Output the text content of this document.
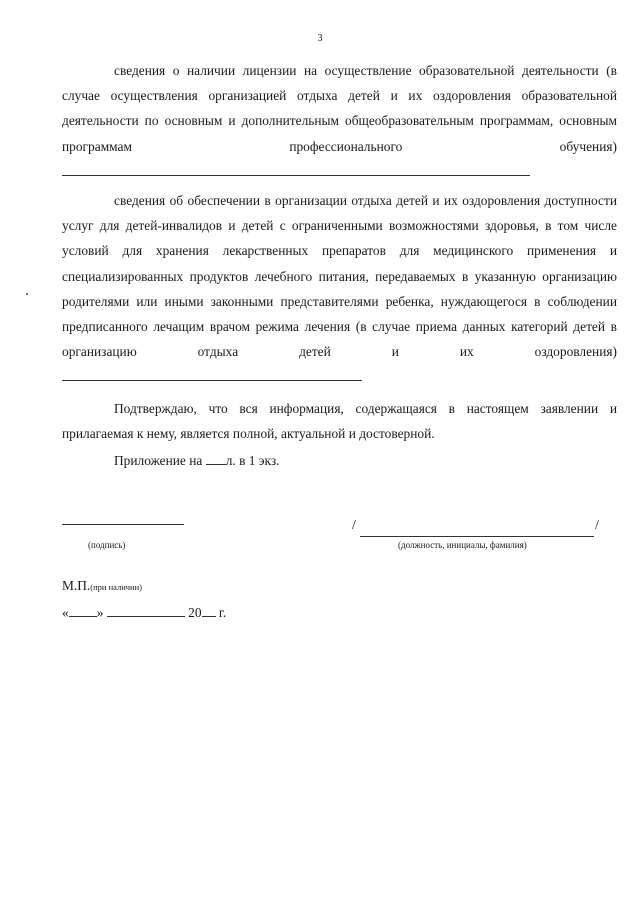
3

сведения о наличии лицензии на осуществление образовательной деятельности (в случае осуществления организацией отдыха детей и их оздоровления образовательной деятельности по основным и дополнительным общеобразовательным программам, основным программам профессионального обучения)

сведения об обеспечении в организации отдыха детей и их оздоровления доступности услуг для детей-инвалидов и детей с ограниченными возможностями здоровья, в том числе условий для хранения лекарственных препаратов для медицинского применения и специализированных продуктов лечебного питания, передаваемых в указанную организацию родителями или иными законными представителями ребенка, нуждающегося в соблюдении предписанного лечащим врачом режима лечения (в случае приема данных категорий детей в организацию отдыха детей и их оздоровления)

Подтверждаю, что вся информация, содержащаяся в настоящем заявлении и прилагаемая к нему, является полной, актуальной и достоверной.

Приложение на л. в 1 экз.

(подпись)
/	/
(должность, инициалы, фамилия)
М.П.(при наличии)
« »	20 г.
